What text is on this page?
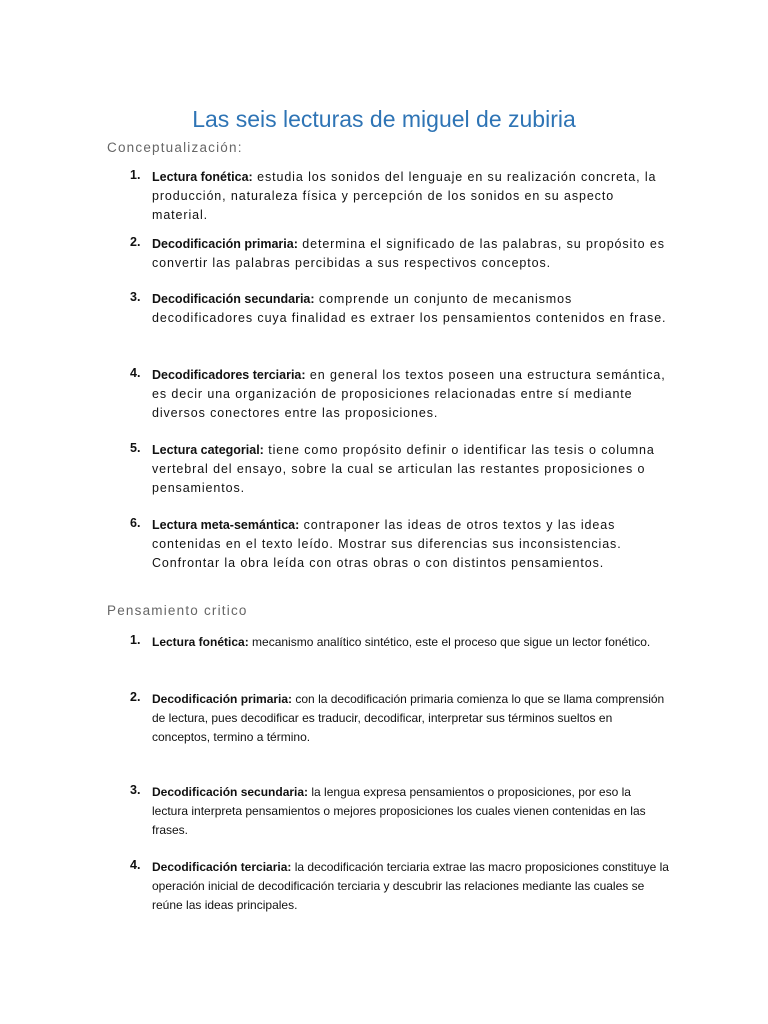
Las seis lecturas de miguel de zubiria
Conceptualización:
1. Lectura fonética: estudia los sonidos del lenguaje en su realización concreta, la producción, naturaleza física y percepción de los sonidos en su aspecto material.
2. Decodificación primaria: determina el significado de las palabras, su propósito es convertir las palabras percibidas a sus respectivos conceptos.
3. Decodificación secundaria: comprende un conjunto de mecanismos decodificadores cuya finalidad es extraer los pensamientos contenidos en frase.
4. Decodificadores terciaria: en general los textos poseen una estructura semántica, es decir una organización de proposiciones relacionadas entre sí mediante diversos conectores entre las proposiciones.
5. Lectura categorial: tiene como propósito definir o identificar las tesis o columna vertebral del ensayo, sobre la cual se articulan las restantes proposiciones o pensamientos.
6. Lectura meta-semántica: contraponer las ideas de otros textos y las ideas contenidas en el texto leído. Mostrar sus diferencias sus inconsistencias. Confrontar la obra leída con otras obras o con distintos pensamientos.
Pensamiento critico
1. Lectura fonética: mecanismo analítico sintético, este el proceso que sigue un lector fonético.
2. Decodificación primaria: con la decodificación primaria comienza lo que se llama comprensión de lectura, pues decodificar es traducir, decodificar, interpretar sus términos sueltos en conceptos, termino a término.
3. Decodificación secundaria: la lengua expresa pensamientos o proposiciones, por eso la lectura interpreta pensamientos o mejores proposiciones los cuales vienen contenidas en las frases.
4. Decodificación terciaria: la decodificación terciaria extrae las macro proposiciones constituye la operación inicial de decodificación terciaria y descubrir las relaciones mediante las cuales se reúne las ideas principales.
